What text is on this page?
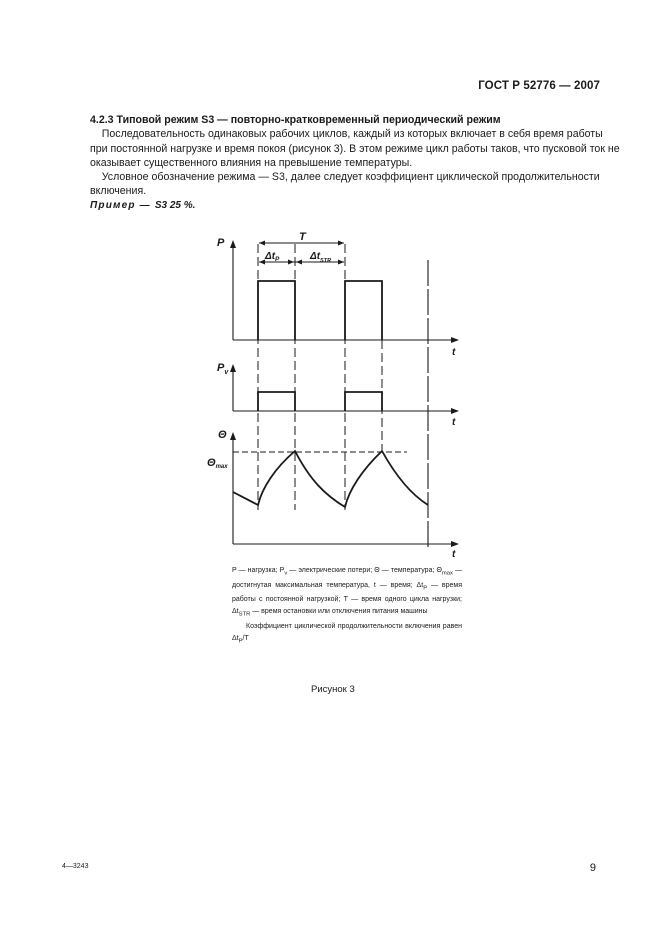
ГОСТ Р 52776 — 2007
4.2.3 Типовой режим S3 — повторно-кратковременный периодический режим
Последовательность одинаковых рабочих циклов, каждый из которых включает в себя время работы
при постоянной нагрузке и время покоя (рисунок 3). В этом режиме цикл работы таков, что пусковой ток не
оказывает существенного влияния на превышение температуры.
Условное обозначение режима — S3, далее следует коэффициент циклической продолжительности
включения.
Пример — S3 25 %.
P
$P_v$
Θ
Θmax
t
t
t
T
$\Delta t_P$	$\Delta t_{STR}$

P — нагрузка; $P_v$ — электрические потери; Θ — температура; $\Theta_{max}$ — достигнутая максимальная температура, t — время; $\Delta t_P$ — время работы с постоянной нагрузкой; T — время одного цикла нагрузки; $\Delta t_{STR}$ — время остановки или отключения питания машины

Коэффициент циклической продолжительности включения равен $\Delta t_P/T$

Рисунок 3
4—3243	9
